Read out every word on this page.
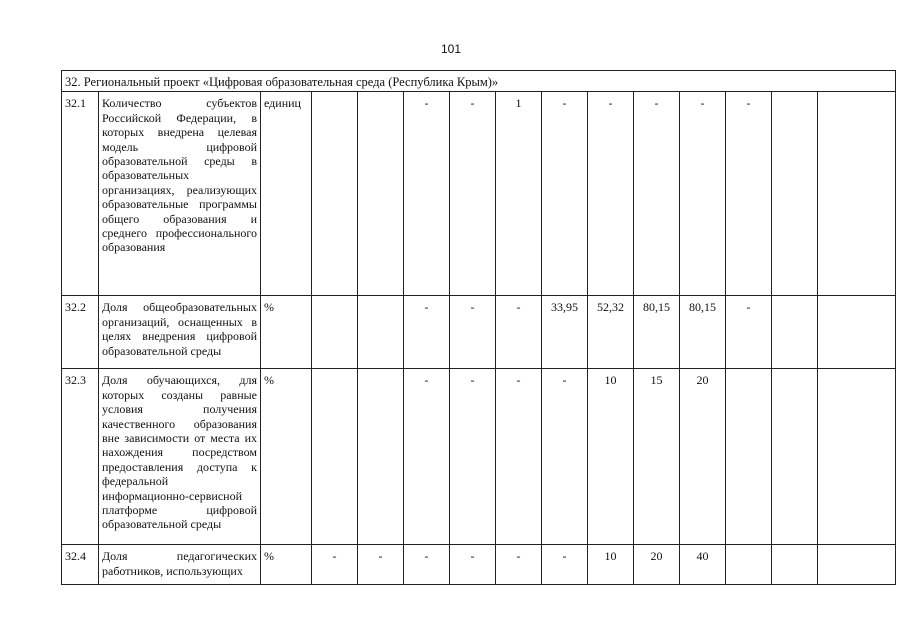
101
32. Региональный проект «Цифровая образовательная среда (Республика Крым)»														
32.1	Количество субъектов Российской Федерации, в которых внедрена целевая модель цифровой образовательной среды в образовательных организациях, реализующих образовательные программы общего образования и среднего профессионального образования	единиц			-	-	1	-	-	-	-	-		
32.2	Доля общеобразовательных организаций, оснащенных в целях внедрения цифровой образовательной среды	%			-	-	-	33,95	52,32	80,15	80,15	-		
32.3	Доля обучающихся, для которых созданы равные условия получения качественного образования вне зависимости от места их нахождения посредством предоставления доступа к федеральной информационно-сервисной платформе цифровой образовательной среды	%			-	-	-	-	10	15	20			
32.4	Доля педагогических работников, использующих	%	-	-	-	-	-	-	10	20	40			
